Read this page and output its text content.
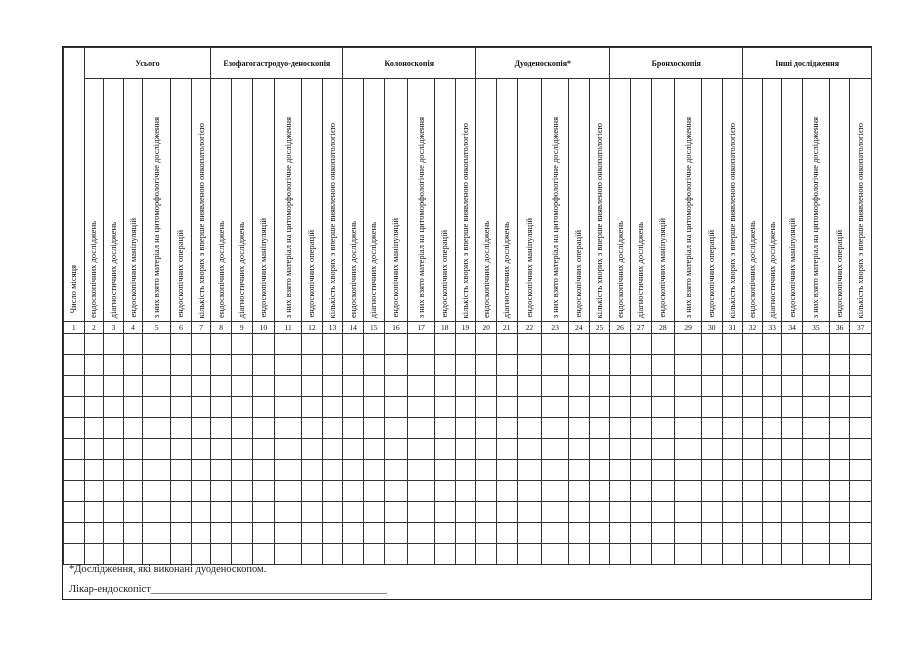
Число місяця	Усього						Езофагогастродуо-деноскопія						Колоноскопія						Дуоденоскопія*						Бронхоскопія						Інші дослідження					

	ендоскопічних досліджень	діагностичних досліджень	ендоскопічних маніпуляцій	з них взято матеріал на цитоморфологічне дослідження	ендоскопічних операцій	кількість хворих з вперше виявленою онкопатологією	ендоскопічних досліджень	діагностичних досліджень	ендоскопічних маніпуляцій	з них взято матеріал на цитоморфологічне дослідження	ендоскопічних операцій	кількість хворих з вперше виявленою онкопатологією	ендоскопічних досліджень	діагностичних досліджень	ендоскопічних маніпуляцій	з них взято матеріал на цитоморфологічне дослідження	ендоскопічних операцій	кількість хворих з вперше виявленою онкопатологією	ендоскопічних досліджень	діагностичних досліджень	ендоскопічних маніпуляцій	з них взято матеріал на цитоморфологічне дослідження	ендоскопічних операцій	кількість хворих з вперше виявленою онкопатологією	ендоскопічних досліджень	діагностичних досліджень	ендоскопічних маніпуляцій	з них взято матеріал на цитоморфологічне дослідження	ендоскопічних операцій	кількість хворих з вперше виявленою онкопатологією	ендоскопічних досліджень	діагностичних досліджень	ендоскопічних маніпуляцій	з них взято матеріал на цитоморфологічне дослідження	ендоскопічних операцій	кількість хворих з вперше виявленою онкопатологією

1	2	3	4	5	6	7	8	9	10	11	12	13	14	15	16	17	18	19	20	21	22	23	24	25	26	27	28	29	30	31	32	33	34	35	36	37

*Дослідження, які виконані дуоденоскопом.
Лікар-ендоскопіст_____________________________________________
